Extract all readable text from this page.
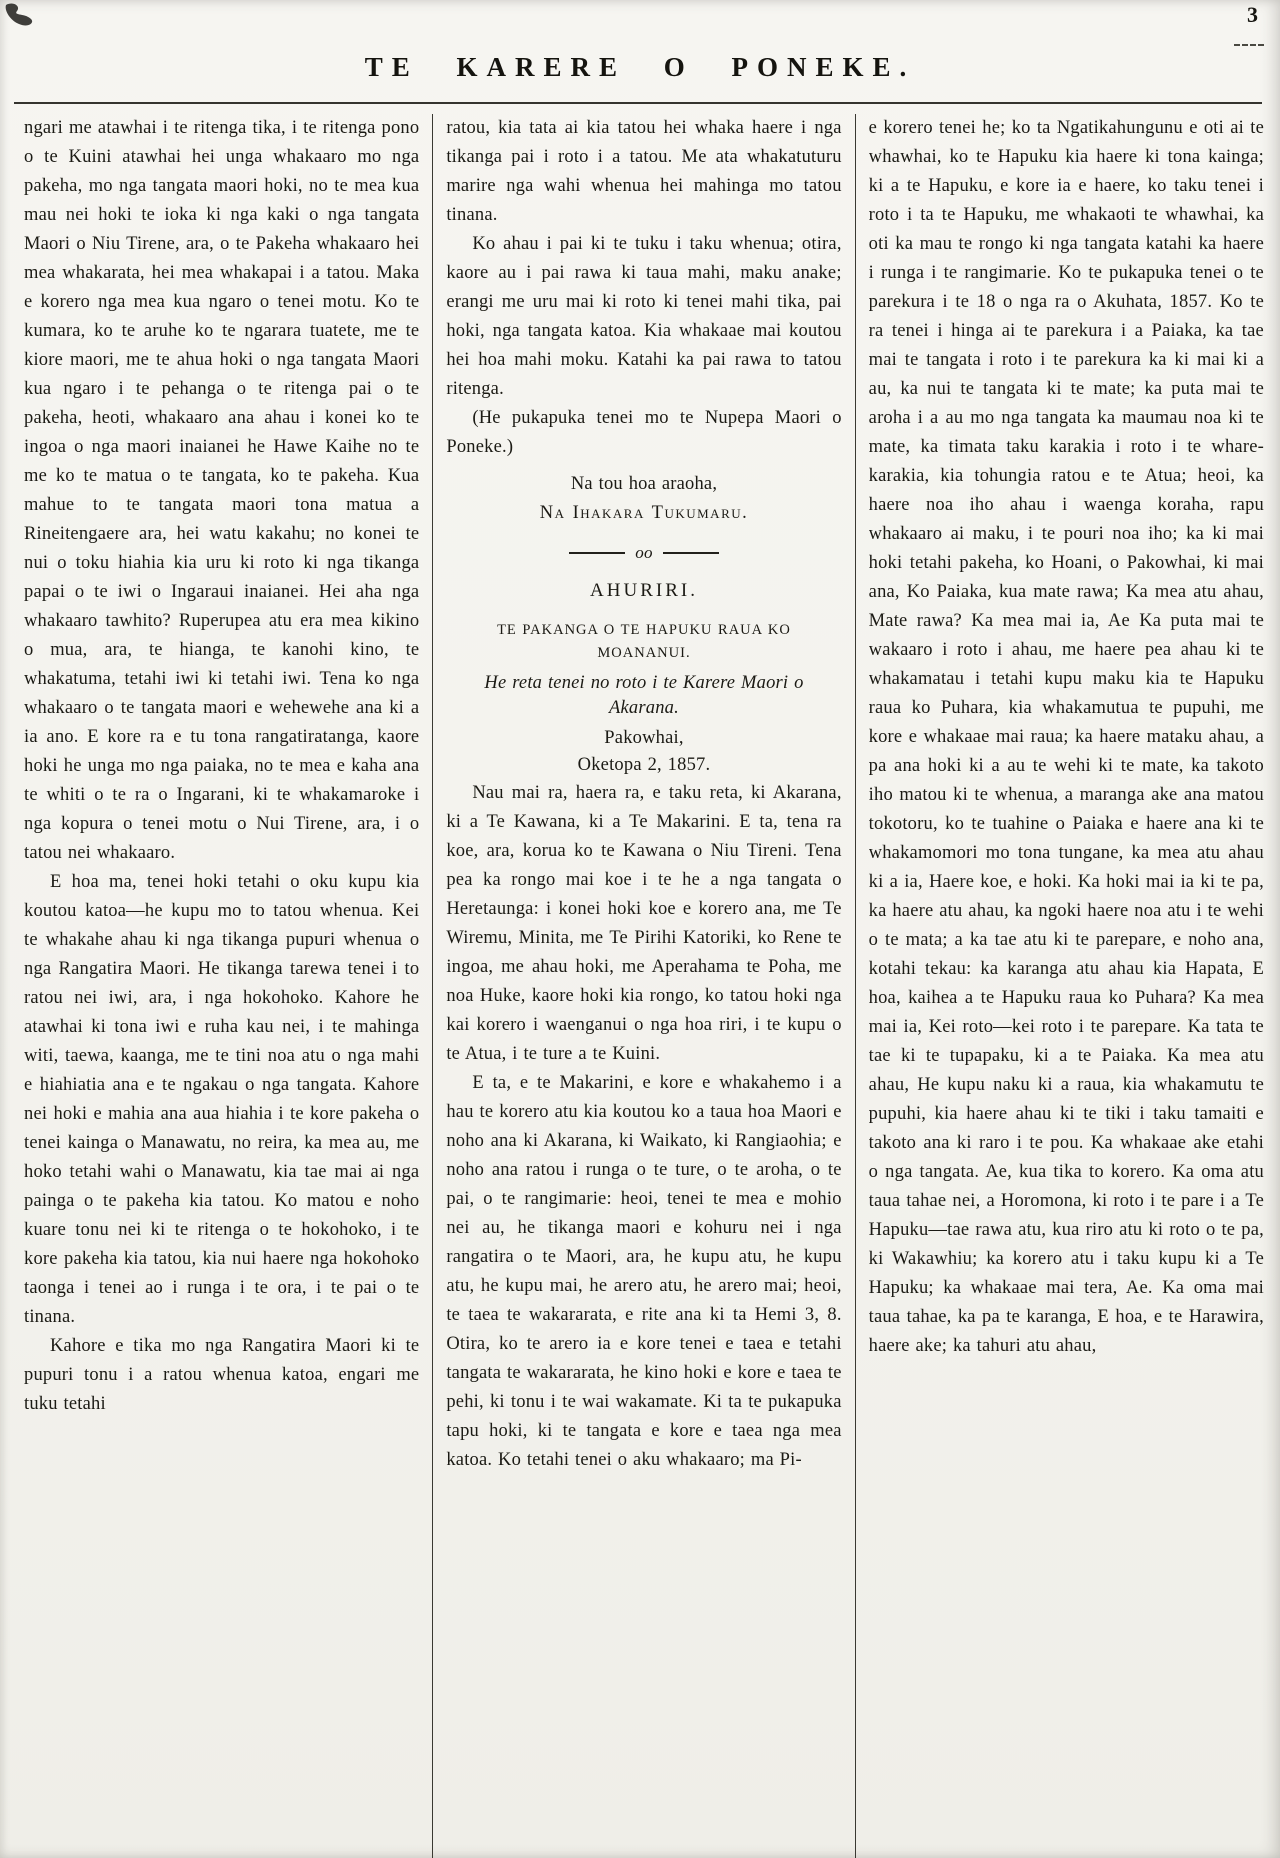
TE KARERE O PONEKE.
3

ngari me atawhai i te ritenga tika, i te ritenga pono o te Kuini atawhai hei unga whakaaro mo nga pakeha, mo nga tangata maori hoki, no te mea kua mau nei hoki te ioka ki nga kaki o nga tangata Maori o Niu Tirene, ara, o te Pakeha whakaaro hei mea whakarata, hei mea whakapai i a tatou. Maka e korero nga mea kua ngaro o tenei motu. Ko te kumara, ko te aruhe ko te ngarara tuatete, me te kiore maori, me te ahua hoki o nga tangata Maori kua ngaro i te pehanga o te ritenga pai o te pakeha, heoti, whakaaro ana ahau i konei ko te ingoa o nga maori inaianei he Hawe Kaihe no te me ko te matua o te tangata, ko te pakeha. Kua mahue to te tangata maori tona matua a Rineitengaere ara, hei watu kakahu; no konei te nui o toku hiahia kia uru ki roto ki nga tikanga papai o te iwi o Ingaraui inaianei. Hei aha nga whakaaro tawhito? Ruperupea atu era mea kikino o mua, ara, te hianga, te kanohi kino, te whakatuma, tetahi iwi ki tetahi iwi. Tena ko nga whakaaro o te tangata maori e wehewehe ana ki a ia ano. E kore ra e tu tona rangatiratanga, kaore hoki he unga mo nga paiaka, no te mea e kaha ana te whiti o te ra o Ingarani, ki te whakamaroke i nga kopura o tenei motu o Nui Tirene, ara, i o tatou nei whakaaro.

E hoa ma, tenei hoki tetahi o oku kupu kia koutou katoa—he kupu mo to tatou whenua. Kei te whakahe ahau ki nga tikanga pupuri whenua o nga Rangatira Maori. He tikanga tarewa tenei i to ratou nei iwi, ara, i nga hokohoko. Kahore he atawhai ki tona iwi e ruha kau nei, i te mahinga witi, taewa, kaanga, me te tini noa atu o nga mahi e hiahiatia ana e te ngakau o nga tangata. Kahore nei hoki e mahia ana aua hiahia i te kore pakeha o tenei kainga o Manawatu, no reira, ka mea au, me hoko tetahi wahi o Manawatu, kia tae mai ai nga painga o te pakeha kia tatou. Ko matou e noho kuare tonu nei ki te ritenga o te hokohoko, i te kore pakeha kia tatou, kia nui haere nga hokohoko taonga i tenei ao i runga i te ora, i te pai o te tinana.

Kahore e tika mo nga Rangatira Maori ki te pupuri tonu i a ratou whenua katoa, engari me tuku tetahi

ratou, kia tata ai kia tatou hei whaka haere i nga tikanga pai i roto i a tatou. Me ata whakatuturu marire nga wahi whenua hei mahinga mo tatou tinana.

Ko ahau i pai ki te tuku i taku whenua; otira, kaore au i pai rawa ki taua mahi, maku anake; erangi me uru mai ki roto ki tenei mahi tika, pai hoki, nga tangata katoa. Kia whakaae mai koutou hei hoa mahi moku. Katahi ka pai rawa to tatou ritenga.

(He pukapuka tenei mo te Nupepa Maori o Poneke.)

Na tou hoa araoha,

Na Ihakara Tukumaru.

oo
AHURIRI.

TE PAKANGA O TE HAPUKU RAUA KO MOANANUI.

He reta tenei no roto i te Karere Maori o Akarana.

Pakowhai,

Oketopa 2, 1857.

Nau mai ra, haera ra, e taku reta, ki Akarana, ki a Te Kawana, ki a Te Makarini. E ta, tena ra koe, ara, korua ko te Kawana o Niu Tireni. Tena pea ka rongo mai koe i te he a nga tangata o Heretaunga: i konei hoki koe e korero ana, me Te Wiremu, Minita, me Te Pirihi Katoriki, ko Rene te ingoa, me ahau hoki, me Aperahama te Poha, me noa Huke, kaore hoki kia rongo, ko tatou hoki nga kai korero i waenganui o nga hoa riri, i te kupu o te Atua, i te ture a te Kuini.

E ta, e te Makarini, e kore e whakahemo i a hau te korero atu kia koutou ko a taua hoa Maori e noho ana ki Akarana, ki Waikato, ki Rangiaohia; e noho ana ratou i runga o te ture, o te aroha, o te pai, o te rangimarie: heoi, tenei te mea e mohio nei au, he tikanga maori e kohuru nei i nga rangatira o te Maori, ara, he kupu atu, he kupu atu, he kupu mai, he arero atu, he arero mai; heoi, te taea te wakararata, e rite ana ki ta Hemi 3, 8. Otira, ko te arero ia e kore tenei e taea e tetahi tangata te wakararata, he kino hoki e kore e taea te pehi, ki tonu i te wai wakamate. Ki ta te pukapuka tapu hoki, ki te tangata e kore e taea nga mea katoa. Ko tetahi tenei o aku whakaaro; ma Pi-

e korero tenei he; ko ta Ngatikahungunu e oti ai te whawhai, ko te Hapuku kia haere ki tona kainga; ki a te Hapuku, e kore ia e haere, ko taku tenei i roto i ta te Hapuku, me whakaoti te whawhai, ka oti ka mau te rongo ki nga tangata katahi ka haere i runga i te rangimarie. Ko te pukapuka tenei o te parekura i te 18 o nga ra o Akuhata, 1857. Ko te ra tenei i hinga ai te parekura i a Paiaka, ka tae mai te tangata i roto i te parekura ka ki mai ki a au, ka nui te tangata ki te mate; ka puta mai te aroha i a au mo nga tangata ka maumau noa ki te mate, ka timata taku karakia i roto i te whare-karakia, kia tohungia ratou e te Atua; heoi, ka haere noa iho ahau i waenga koraha, rapu whakaaro ai maku, i te pouri noa iho; ka ki mai hoki tetahi pakeha, ko Hoani, o Pakowhai, ki mai ana, Ko Paiaka, kua mate rawa; Ka mea atu ahau, Mate rawa? Ka mea mai ia, Ae Ka puta mai te wakaaro i roto i ahau, me haere pea ahau ki te whakamatau i tetahi kupu maku kia te Hapuku raua ko Puhara, kia whakamutua te pupuhi, me kore e whakaae mai raua; ka haere mataku ahau, a pa ana hoki ki a au te wehi ki te mate, ka takoto iho matou ki te whenua, a maranga ake ana matou tokotoru, ko te tuahine o Paiaka e haere ana ki te whakamomori mo tona tungane, ka mea atu ahau ki a ia, Haere koe, e hoki. Ka hoki mai ia ki te pa, ka haere atu ahau, ka ngoki haere noa atu i te wehi o te mata; a ka tae atu ki te parepare, e noho ana, kotahi tekau: ka karanga atu ahau kia Hapata, E hoa, kaihea a te Hapuku raua ko Puhara? Ka mea mai ia, Kei roto—kei roto i te parepare. Ka tata te tae ki te tupapaku, ki a te Paiaka. Ka mea atu ahau, He kupu naku ki a raua, kia whakamutu te pupuhi, kia haere ahau ki te tiki i taku tamaiti e takoto ana ki raro i te pou. Ka whakaae ake etahi o nga tangata. Ae, kua tika to korero. Ka oma atu taua tahae nei, a Horomona, ki roto i te pare i a Te Hapuku—tae rawa atu, kua riro atu ki roto o te pa, ki Wakawhiu; ka korero atu i taku kupu ki a Te Hapuku; ka whakaae mai tera, Ae. Ka oma mai taua tahae, ka pa te karanga, E hoa, e te Harawira, haere ake; ka tahuri atu ahau,
